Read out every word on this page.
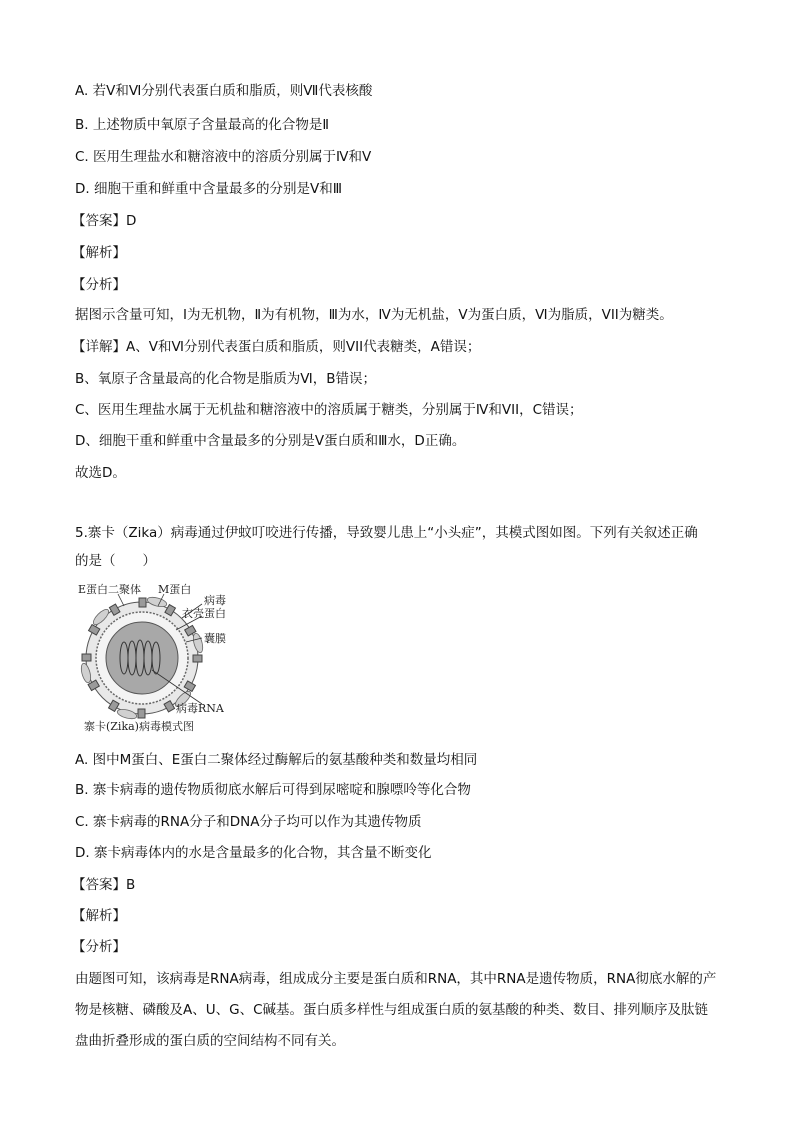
A. 若Ⅴ和Ⅵ分别代表蛋白质和脂质，则Ⅶ代表核酸
B. 上述物质中氧原子含量最高的化合物是Ⅱ
C. 医用生理盐水和糖溶液中的溶质分别属于Ⅳ和Ⅴ
D. 细胞干重和鲜重中含量最多的分别是Ⅴ和Ⅲ
【答案】D
【解析】
【分析】
据图示含量可知，Ⅰ为无机物，Ⅱ为有机物，Ⅲ为水，Ⅳ为无机盐，Ⅴ为蛋白质，Ⅵ为脂质，VII为糖类。
【详解】A、Ⅴ和Ⅵ分别代表蛋白质和脂质，则VII代表糖类，A错误；
B、氧原子含量最高的化合物是脂质为Ⅵ，B错误；
C、医用生理盐水属于无机盐和糖溶液中的溶质属于糖类，分别属于Ⅳ和VII，C错误；
D、细胞干重和鲜重中含量最多的分别是Ⅴ蛋白质和Ⅲ水，D正确。
故选D。
5.寨卡（Zika）病毒通过伊蚊叮咬进行传播，导致婴儿患上“小头症”，其模式图如图。下列有关叙述正确
的是（　　）
E蛋白二聚体 M蛋白
病毒
衣壳蛋白
囊膜
病毒RNA
寨卡(Zika)病毒模式图
A. 图中M蛋白、E蛋白二聚体经过酶解后的氨基酸种类和数量均相同
B. 寨卡病毒的遗传物质彻底水解后可得到尿嘧啶和腺嘌呤等化合物
C. 寨卡病毒的RNA分子和DNA分子均可以作为其遗传物质
D. 寨卡病毒体内的水是含量最多的化合物，其含量不断变化
【答案】B
【解析】
【分析】
由题图可知，该病毒是RNA病毒，组成成分主要是蛋白质和RNA，其中RNA是遗传物质，RNA彻底水解的产
物是核糖、磷酸及A、U、G、C碱基。蛋白质多样性与组成蛋白质的氨基酸的种类、数目、排列顺序及肽链
盘曲折叠形成的蛋白质的空间结构不同有关。
